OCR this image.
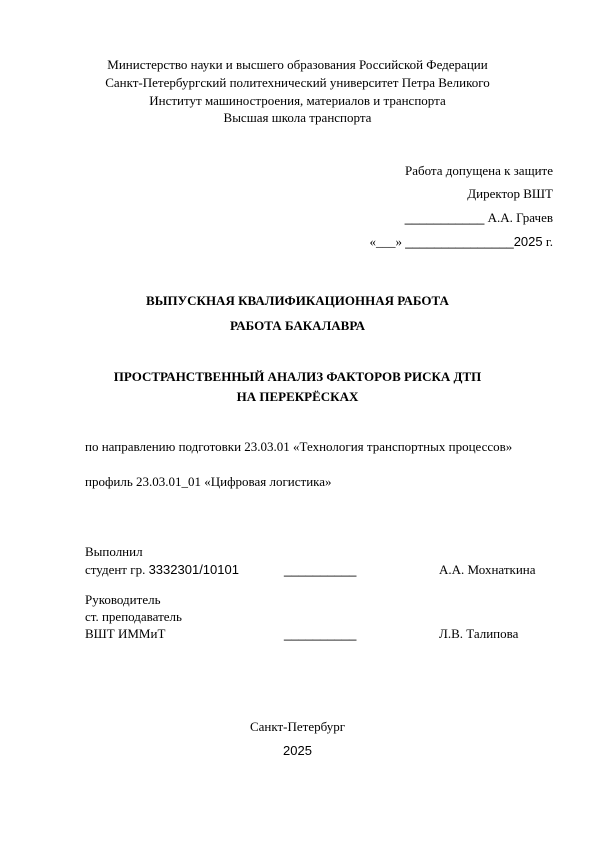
Министерство науки и высшего образования Российской Федерации
Санкт-Петербургский политехнический университет Петра Великого
Институт машиностроения, материалов и транспорта
Высшая школа транспорта
Работа допущена к защите
Директор ВШТ
___________ А.А. Грачев
«___» _______________2025 г.
ВЫПУСКНАЯ КВАЛИФИКАЦИОННАЯ РАБОТА
РАБОТА БАКАЛАВРА
ПРОСТРАНСТВЕННЫЙ АНАЛИЗ ФАКТОРОВ РИСКА ДТП
НА ПЕРЕКРЁСКАХ
по направлению подготовки 23.03.01 «Технология транспортных процессов»
профиль 23.03.01_01 «Цифровая логистика»
Выполнил
студент гр. 3332301/10101	__________	А.А. Мохнаткина
Руководитель
ст. преподаватель
ВШТ ИММиТ	__________	Л.В. Талипова
Санкт-Петербург
2025
